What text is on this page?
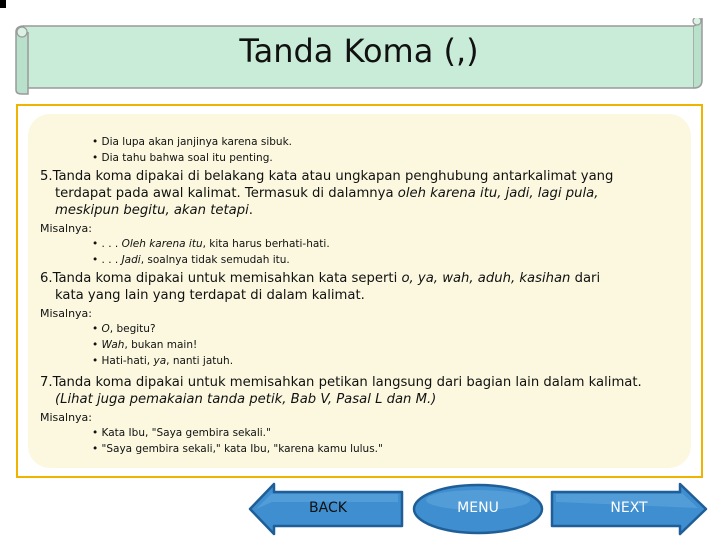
Tanda Koma (,)
• Dia lupa akan janjinya karena sibuk.
• Dia tahu bahwa soal itu penting.
5.Tanda koma dipakai di belakang kata atau ungkapan penghubung antarkalimat yang
terdapat pada awal kalimat. Termasuk di dalamnya oleh karena itu, jadi, lagi pula,
meskipun begitu, akan tetapi.
Misalnya:
• . . . Oleh karena itu, kita harus berhati-hati.
• . . . Jadi, soalnya tidak semudah itu.
6.Tanda koma dipakai untuk memisahkan kata seperti o, ya, wah, aduh, kasihan dari
kata yang lain yang terdapat di dalam kalimat.
Misalnya:
• O, begitu?
• Wah, bukan main!
• Hati-hati, ya, nanti jatuh.
7.Tanda koma dipakai untuk memisahkan petikan langsung dari bagian lain dalam kalimat.
(Lihat juga pemakaian tanda petik, Bab V, Pasal L dan M.)
Misalnya:
• Kata Ibu, "Saya gembira sekali."
• "Saya gembira sekali," kata Ibu, "karena kamu lulus."
BACK	MENU	NEXT
